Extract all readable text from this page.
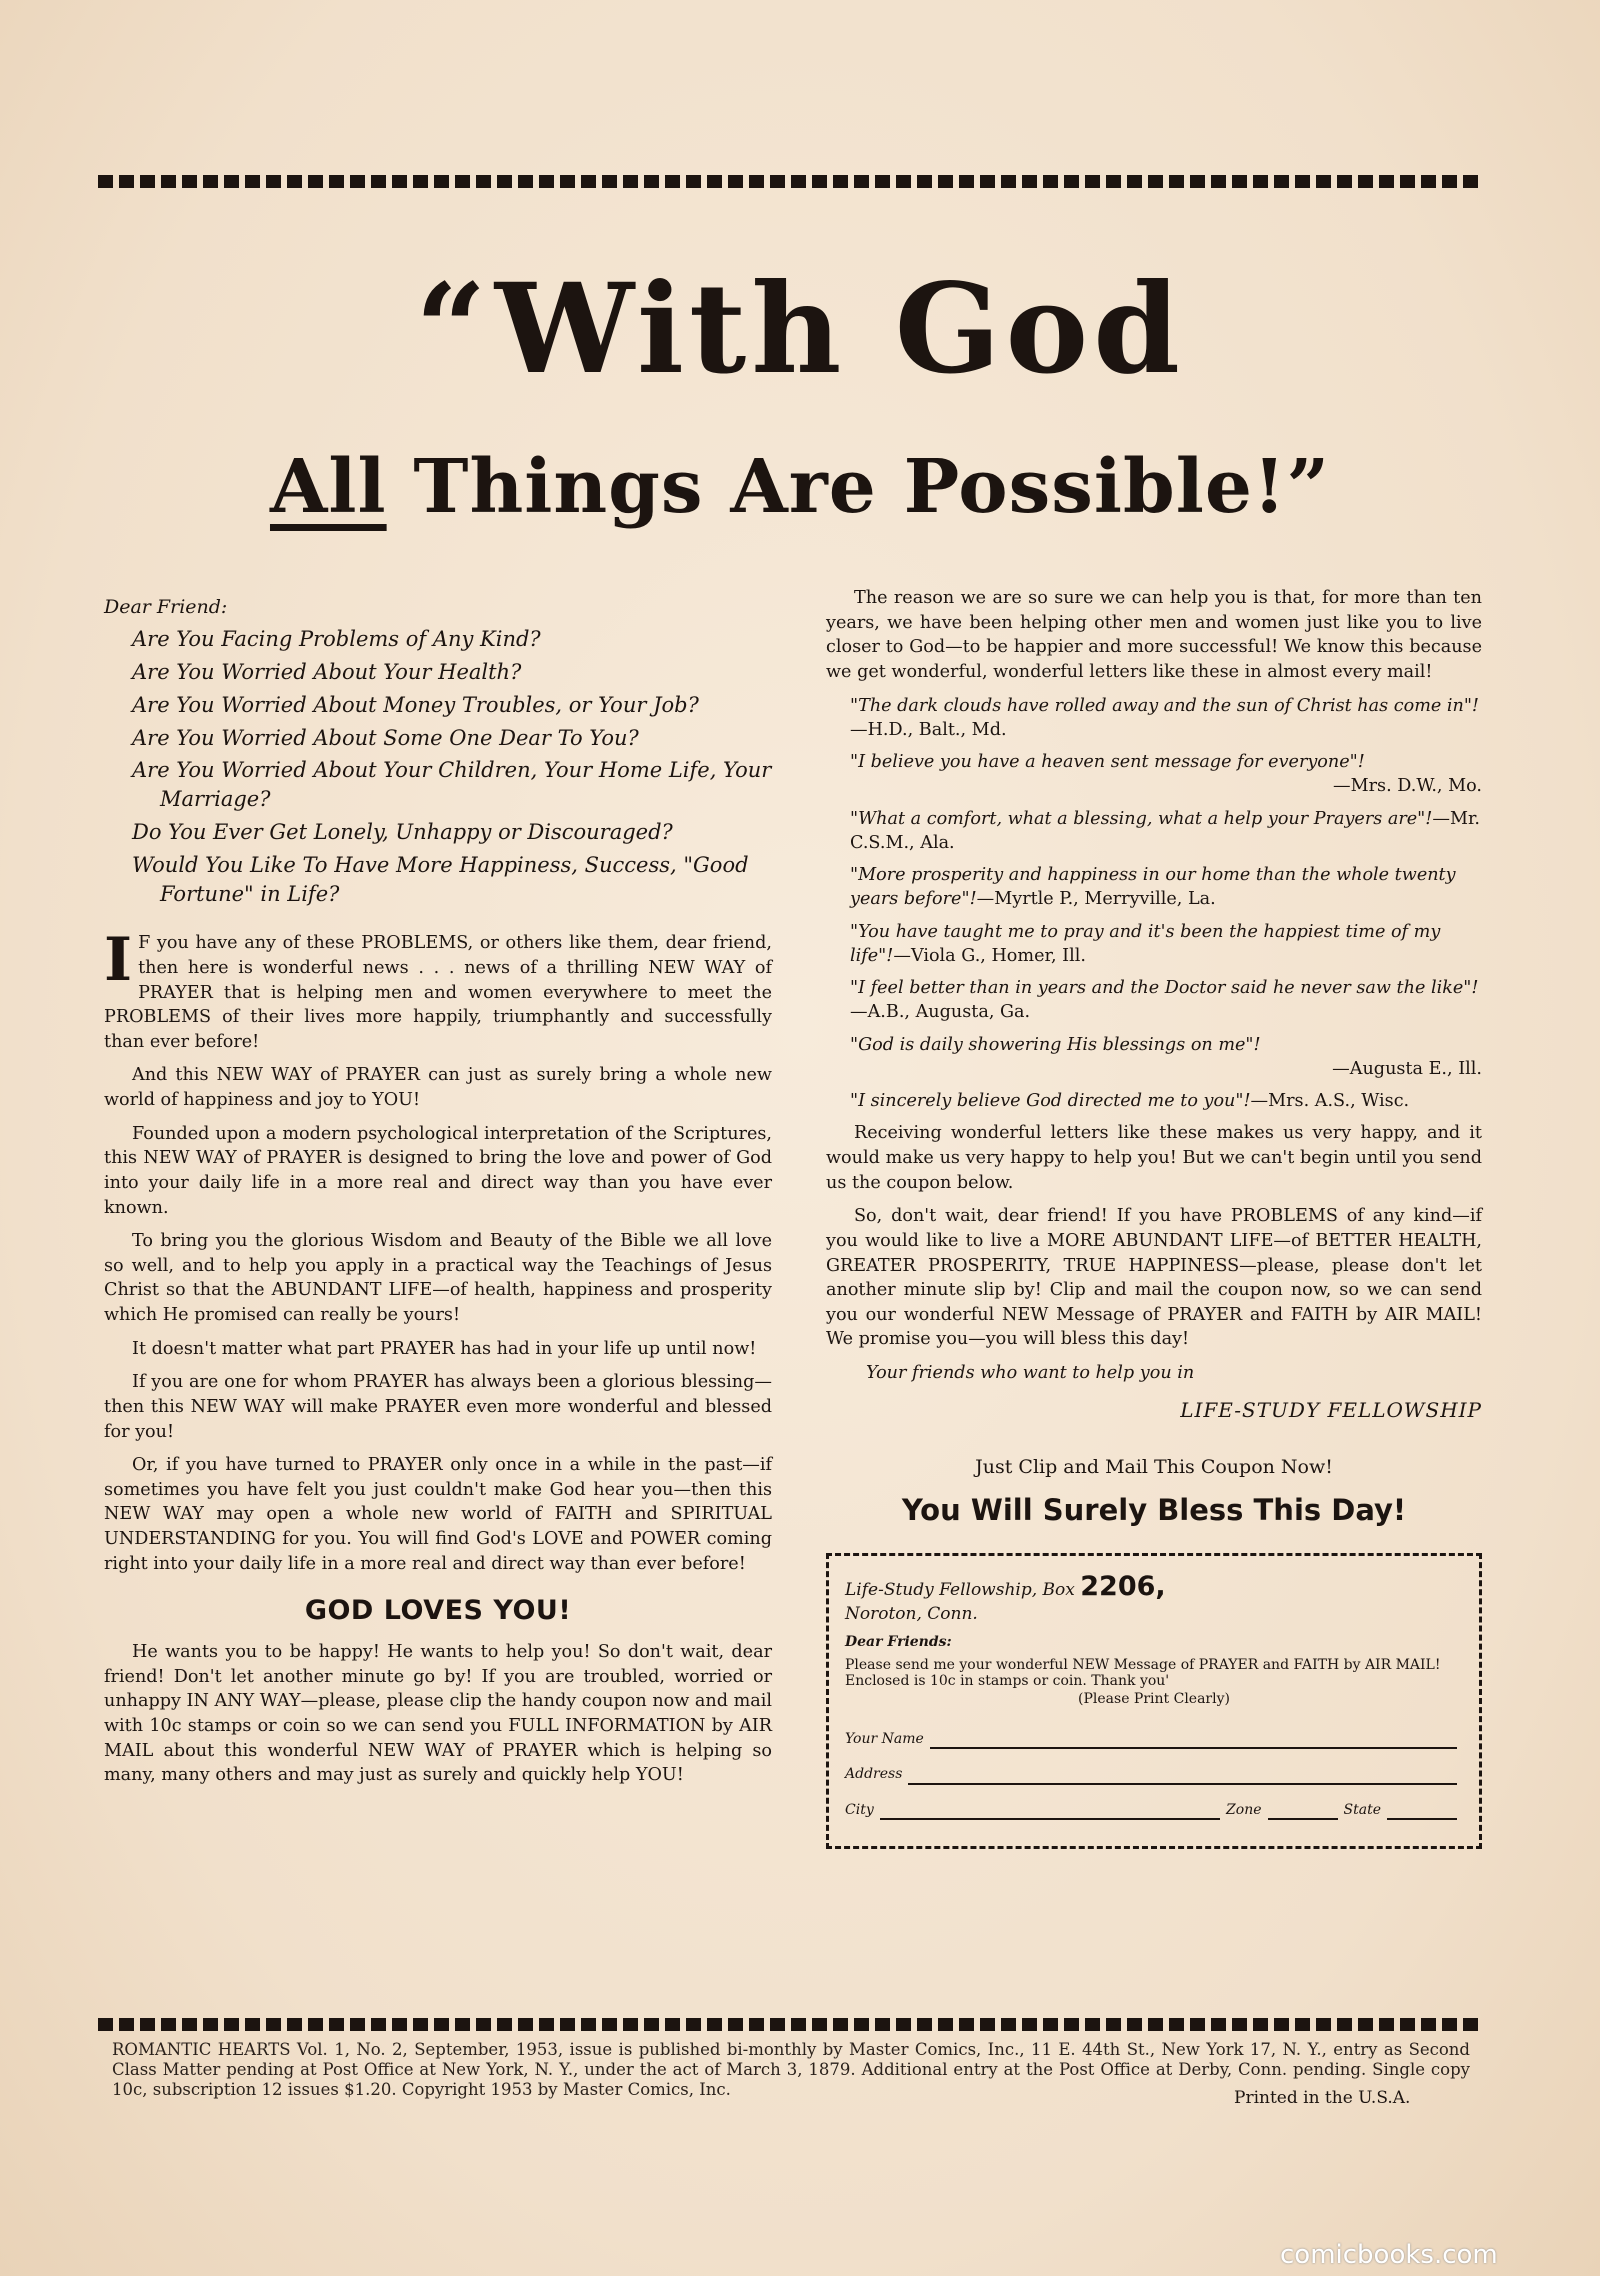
“With God
All Things Are Possible!”
Dear Friend:
Are You Facing Problems of Any Kind?
Are You Worried About Your Health?
Are You Worried About Money Troubles, or Your Job?
Are You Worried About Some One Dear To You?
Are You Worried About Your Children, Your Home Life, Your Marriage?
Do You Ever Get Lonely, Unhappy or Discouraged?
Would You Like To Have More Happiness, Success, "Good Fortune" in Life?

I F you have any of these PROBLEMS, or others like them, dear friend, then here is wonderful news . . . news of a thrilling NEW WAY of PRAYER that is helping men and women everywhere to meet the PROBLEMS of their lives more happily, triumphantly and successfully than ever before!

And this NEW WAY of PRAYER can just as surely bring a whole new world of happiness and joy to YOU!

Founded upon a modern psychological interpretation of the Scriptures, this NEW WAY of PRAYER is designed to bring the love and power of God into your daily life in a more real and direct way than you have ever known.

To bring you the glorious Wisdom and Beauty of the Bible we all love so well, and to help you apply in a practical way the Teachings of Jesus Christ so that the ABUNDANT LIFE—of health, happiness and prosperity which He promised can really be yours!

It doesn't matter what part PRAYER has had in your life up until now!

If you are one for whom PRAYER has always been a glorious blessing—then this NEW WAY will make PRAYER even more wonderful and blessed for you!

Or, if you have turned to PRAYER only once in a while in the past—if sometimes you have felt you just couldn't make God hear you—then this NEW WAY may open a whole new world of FAITH and SPIRITUAL UNDERSTANDING for you. You will find God's LOVE and POWER coming right into your daily life in a more real and direct way than ever before!

GOD LOVES YOU!

He wants you to be happy! He wants to help you! So don't wait, dear friend! Don't let another minute go by! If you are troubled, worried or unhappy IN ANY WAY—please, please clip the handy coupon now and mail with 10c stamps or coin so we can send you FULL INFORMATION by AIR MAIL about this wonderful NEW WAY of PRAYER which is helping so many, many others and may just as surely and quickly help YOU!

The reason we are so sure we can help you is that, for more than ten years, we have been helping other men and women just like you to live closer to God—to be happier and more successful! We know this because we get wonderful, wonderful letters like these in almost every mail!

"The dark clouds have rolled away and the sun of Christ has come in"!—H.D., Balt., Md.
"I believe you have a heaven sent message for everyone"!
—Mrs. D.W., Mo.
"What a comfort, what a blessing, what a help your Prayers are"!—Mr. C.S.M., Ala.
"More prosperity and happiness in our home than the whole twenty years before"!—Myrtle P., Merryville, La.
"You have taught me to pray and it's been the happiest time of my life"!—Viola G., Homer, Ill.
"I feel better than in years and the Doctor said he never saw the like"!—A.B., Augusta, Ga.
"God is daily showering His blessings on me"!
—Augusta E., Ill.
"I sincerely believe God directed me to you"!—Mrs. A.S., Wisc.

Receiving wonderful letters like these makes us very happy, and it would make us very happy to help you! But we can't begin until you send us the coupon below.

So, don't wait, dear friend! If you have PROBLEMS of any kind—if you would like to live a MORE ABUNDANT LIFE—of BETTER HEALTH, GREATER PROSPERITY, TRUE HAPPINESS—please, please don't let another minute slip by! Clip and mail the coupon now, so we can send you our wonderful NEW Message of PRAYER and FAITH by AIR MAIL! We promise you—you will bless this day!

Your friends who want to help you in
LIFE-STUDY FELLOWSHIP
Just Clip and Mail This Coupon Now!
You Will Surely Bless This Day!
Life-Study Fellowship, Box 2206,
Noroton, Conn.
Dear Friends:
Please send me your wonderful NEW Message of PRAYER and FAITH by AIR MAIL! Enclosed is 10c in stamps or coin. Thank you'
(Please Print Clearly)
Your Name
Address
City	Zone	State
ROMANTIC HEARTS Vol. 1, No. 2, September, 1953, issue is published bi-monthly by Master Comics, Inc., 11 E. 44th St., New York 17, N. Y., entry as Second Class Matter pending at Post Office at New York, N. Y., under the act of March 3, 1879. Additional entry at the Post Office at Derby, Conn. pending. Single copy 10c, subscription 12 issues $1.20. Copyright 1953 by Master Comics, Inc.	Printed in the U.S.A.
comicbooks.com
